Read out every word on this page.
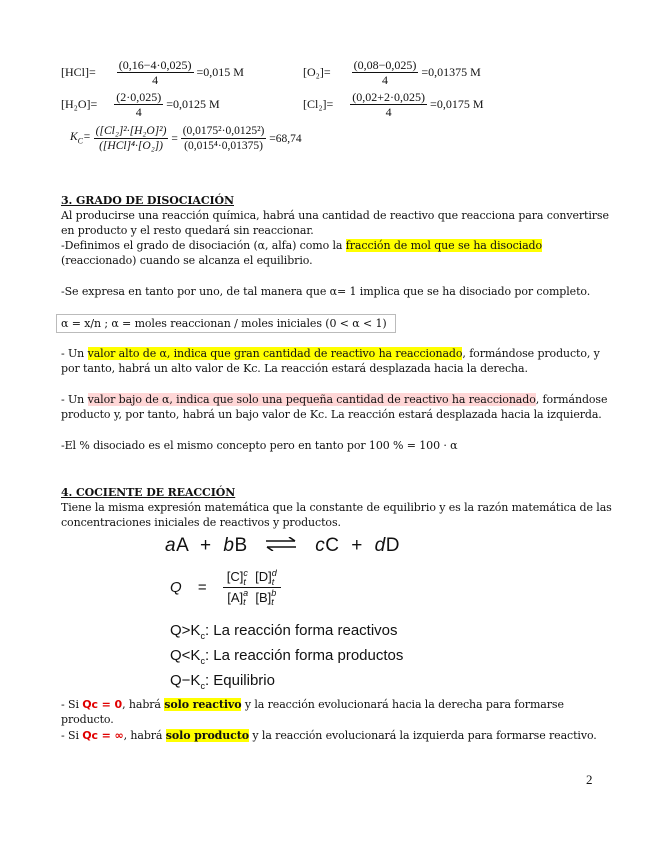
$[HCl]= \frac{(0,16-4\cdot 0,025)}{4} =0,015$ M	$[O_2]= \frac{(0,08-0,025)}{4} =0,01375$ M
$[H_2O]= \frac{(2\cdot 0,025)}{4} =0,0125$ M	$[Cl_2]= \frac{(0,02+2\cdot 0,025)}{4} =0,0175$ M
$K_C= \frac{\text{([Cl₂]²·[H₂O]²)}}{\text{([HCl]⁴·[O₂])}} = \frac{\text{(0,0175²·0,0125²)}}{\text{(0,015⁴·0,01375)}} =68,74$
3. GRADO DE DISOCIACIÓN
Al producirse una reacción química, habrá una cantidad de reactivo que reacciona para convertirse
en producto y el resto quedará sin reaccionar.
-Definimos el grado de disociación (α, alfa) como la fracción de mol que se ha disociado
(reaccionado) cuando se alcanza el equilibrio.
-Se expresa en tanto por uno, de tal manera que α= 1 implica que se ha disociado por completo.
α = x/n ; α = moles reaccionan / moles iniciales (0 < α < 1)
- Un valor alto de α, indica que gran cantidad de reactivo ha reaccionado, formándose producto, y
por tanto, habrá un alto valor de Kc. La reacción estará desplazada hacia la derecha.
- Un valor bajo de α, indica que solo una pequeña cantidad de reactivo ha reaccionado, formándose
producto y, por tanto, habrá un bajo valor de Kc. La reacción estará desplazada hacia la izquierda.
-El % disociado es el mismo concepto pero en tanto por 100 % = 100 · α
4. COCIENTE DE REACCIÓN
Tiene la misma expresión matemática que la constante de equilibrio y es la razón matemática de las
concentraciones iniciales de reactivos y productos.
aA + bB ⇌ cC + dD
Q = [C] c
t [D] d
t
[A] a
t [B] b
t
$Q>K_c$: La reacción forma reactivos
$Q<K_c$: La reacción forma productos
$Q-K_c$: Equilibrio
- Si Qc = 0, habrá solo reactivo y la reacción evolucionará hacia la derecha para formarse
producto.
- Si Qc = ∞, habrá solo producto y la reacción evolucionará la izquierda para formarse reactivo.
2
